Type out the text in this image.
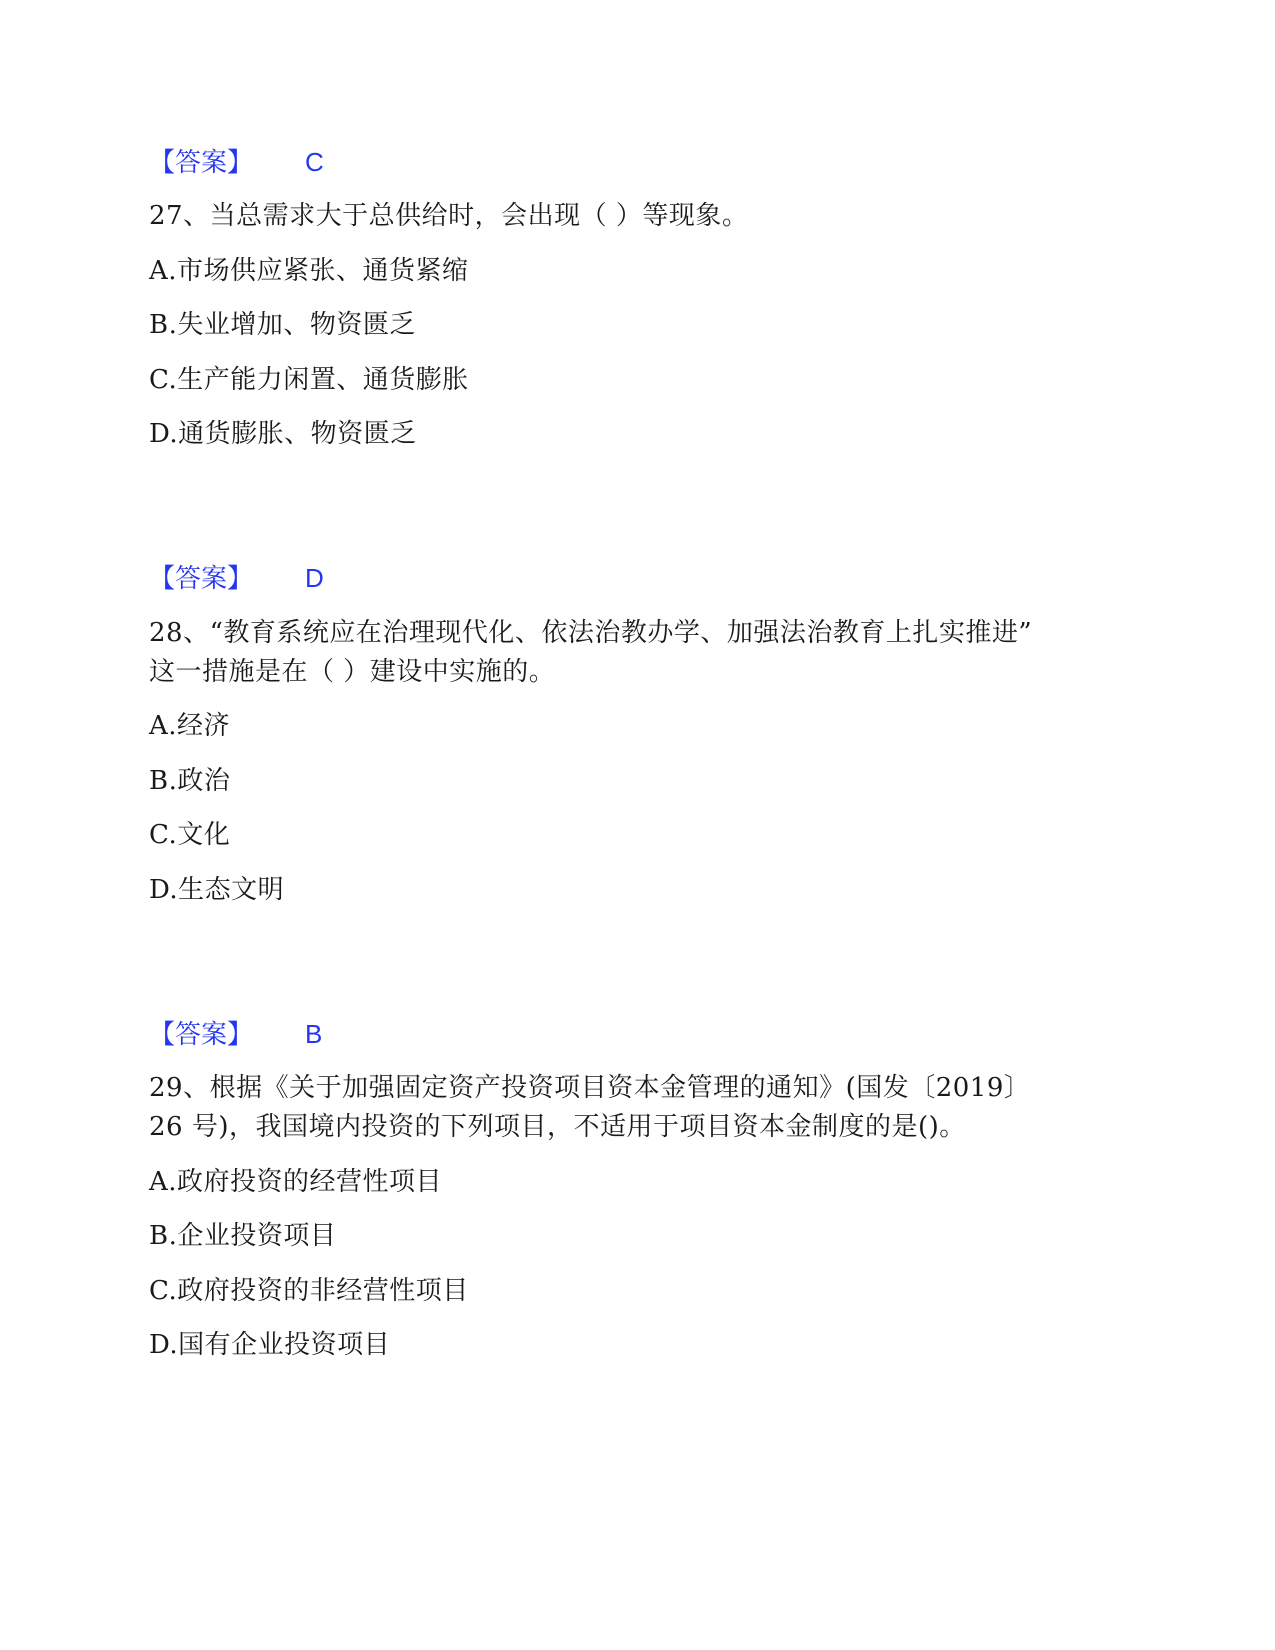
【答案】 C
27、当总需求大于总供给时，会出现（ ）等现象。
A.市场供应紧张、通货紧缩
B.失业增加、物资匮乏
C.生产能力闲置、通货膨胀
D.通货膨胀、物资匮乏
【答案】 D
28、“教育系统应在治理现代化、依法治教办学、加强法治教育上扎实推进”
这一措施是在（ ）建设中实施的。
A.经济
B.政治
C.文化
D.生态文明
【答案】 B
29、根据《关于加强固定资产投资项目资本金管理的通知》(国发〔2019〕
26 号)，我国境内投资的下列项目，不适用于项目资本金制度的是()。
A.政府投资的经营性项目
B.企业投资项目
C.政府投资的非经营性项目
D.国有企业投资项目
